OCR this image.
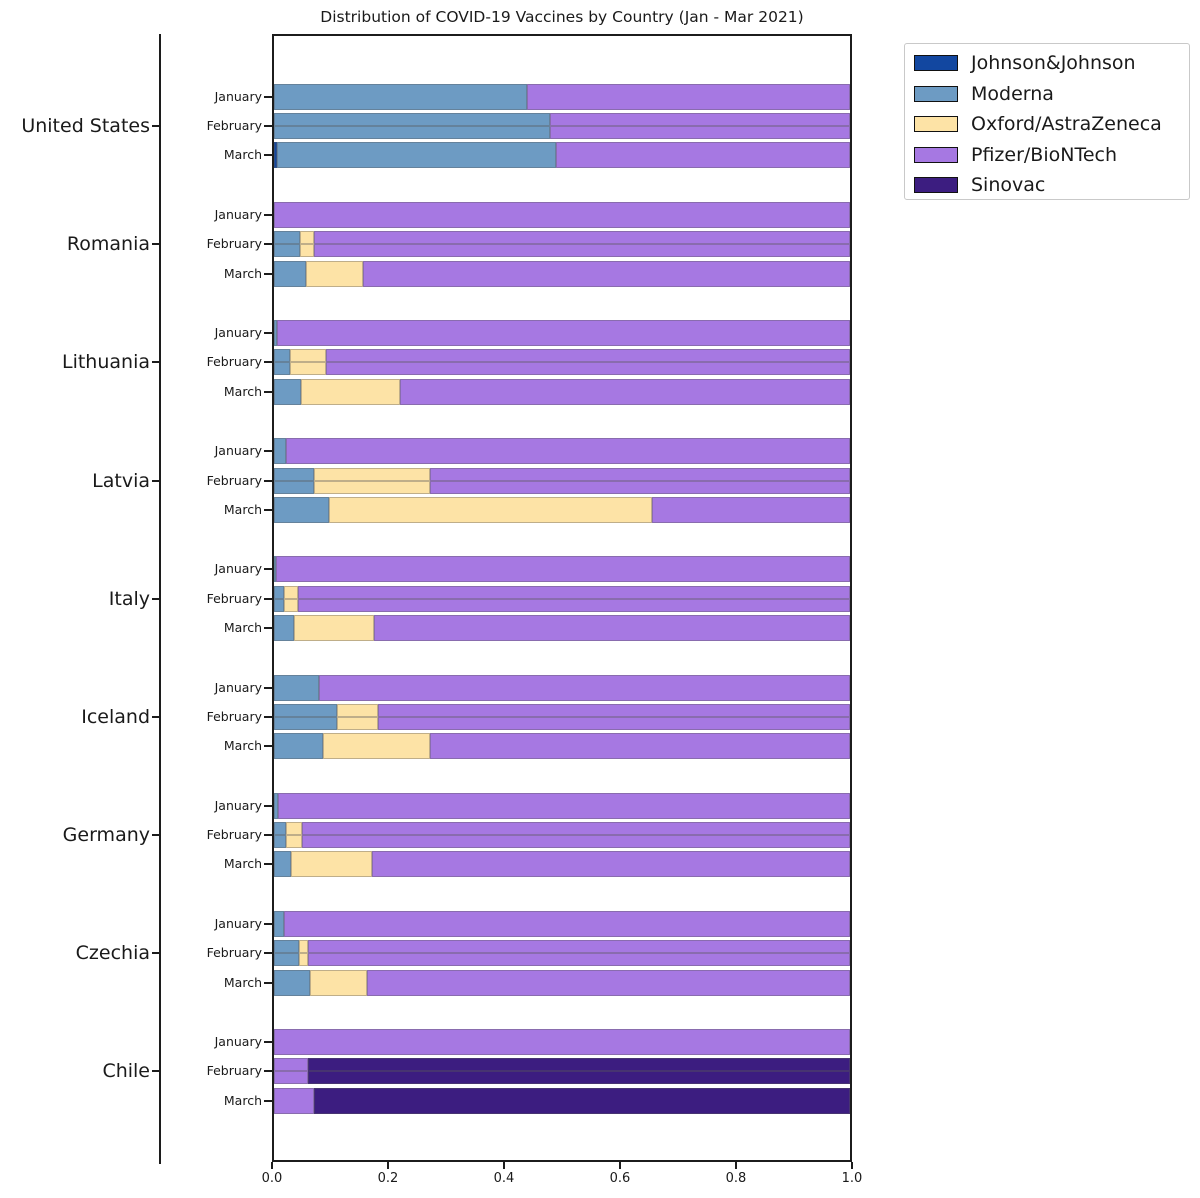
Distribution of COVID-19 Vaccines by Country (Jan - Mar 2021)
United States
January
February
March
Romania
January
February
March
Lithuania
January
February
March
Latvia
January
February
March
Italy
January
February
March
Iceland
January
February
March
Germany
January
February
March
Czechia
January
February
March
Chile
January
February
March
0.0	0.2	0.4	0.6	0.8	1.0
Johnson&Johnson
Moderna
Oxford/AstraZeneca
Pfizer/BioNTech
Sinovac
